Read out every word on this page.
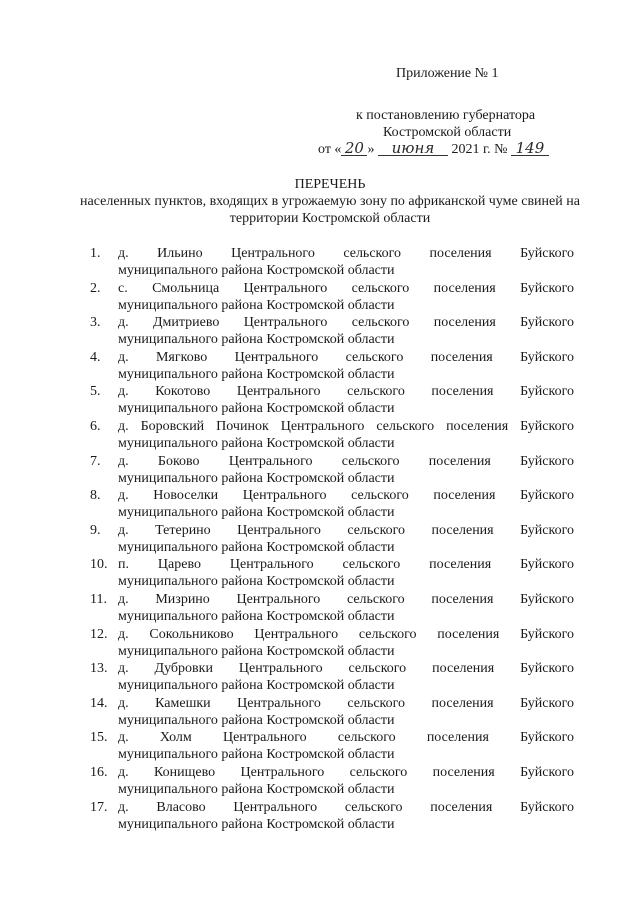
Приложение № 1
к постановлению губернатора
Костромской области
от « 20 » июня 2021 г. № 149
ПЕРЕЧЕНЬ
населенных пунктов, входящих в угрожаемую зону по африканской чуме свиней на территории Костромской области
1.	д. Ильино Центрального сельского поселения Буйского
муниципального района Костромской области
2.	с. Смольница Центрального сельского поселения Буйского
муниципального района Костромской области
3.	д. Дмитриево Центрального сельского поселения Буйского
муниципального района Костромской области
4.	д. Мягково Центрального сельского поселения Буйского
муниципального района Костромской области
5.	д. Кокотово Центрального сельского поселения Буйского
муниципального района Костромской области
6.	д. Боровский Починок Центрального сельского поселения Буйского
муниципального района Костромской области
7.	д. Боково Центрального сельского поселения Буйского
муниципального района Костромской области
8.	д. Новоселки Центрального сельского поселения Буйского
муниципального района Костромской области
9.	д. Тетерино Центрального сельского поселения Буйского
муниципального района Костромской области
10. п. Царево Центрального сельского поселения Буйского
муниципального района Костромской области
11. д. Мизрино Центрального сельского поселения Буйского
муниципального района Костромской области
12. д. Сокольниково Центрального сельского поселения Буйского
муниципального района Костромской области
13. д. Дубровки Центрального сельского поселения Буйского
муниципального района Костромской области
14. д. Камешки Центрального сельского поселения Буйского
муниципального района Костромской области
15. д. Холм Центрального сельского поселения Буйского
муниципального района Костромской области
16. д. Конищево Центрального сельского поселения Буйского
муниципального района Костромской области
17. д. Власово Центрального сельского поселения Буйского
муниципального района Костромской области
